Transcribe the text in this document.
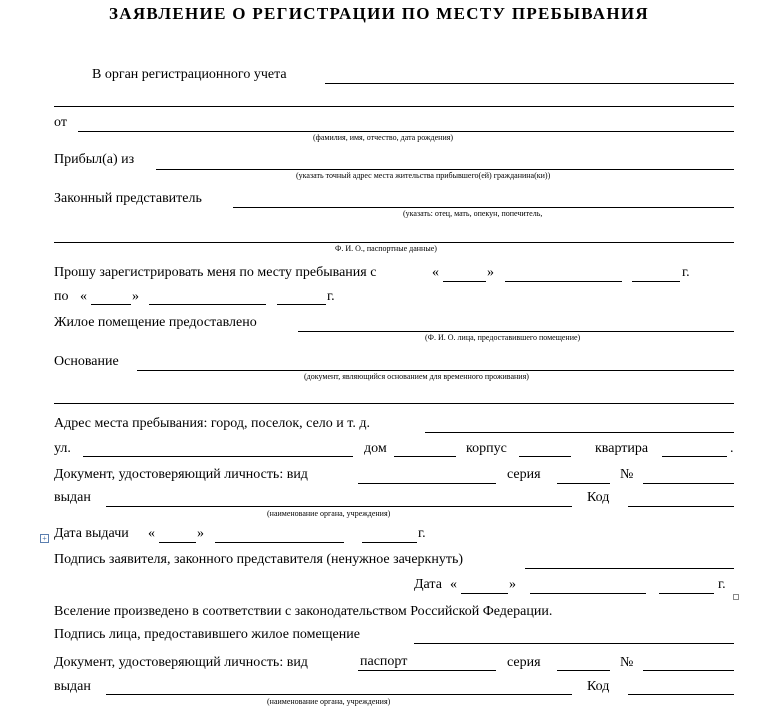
ЗАЯВЛЕНИЕ О РЕГИСТРАЦИИ ПО МЕСТУ ПРЕБЫВАНИЯ
В орган регистрационного учета
от
(фамилия, имя, отчество, дата рождения)
Прибыл(а) из
(указать точный адрес места жительства прибывшего(ей) гражданина(ки))
Законный представитель
(указать: отец, мать, опекун, попечитель,
Ф. И. О., паспортные данные)
Прошу зарегистрировать меня по месту пребывания с	«	»	г.
по «	»	г.
Жилое помещение предоставлено
(Ф. И. О. лица, предоставившего помещение)
Основание
(документ, являющийся основанием для временного проживания)
Адрес места пребывания: город, поселок, село и т. д.
ул.	дом	корпус	квартира	.
Документ, удостоверяющий личность: вид	серия	№
выдан
(наименование органа, учреждения)
Код
+ Дата выдачи «	»	г.
Подпись заявителя, законного представителя (ненужное зачеркнуть)
Дата «	»	г.
Вселение произведено в соответствии с законодательством Российской Федерации.
Подпись лица, предоставившего жилое помещение
Документ, удостоверяющий личность: вид	паспорт	серия	№
выдан
(наименование органа, учреждения)
Код
